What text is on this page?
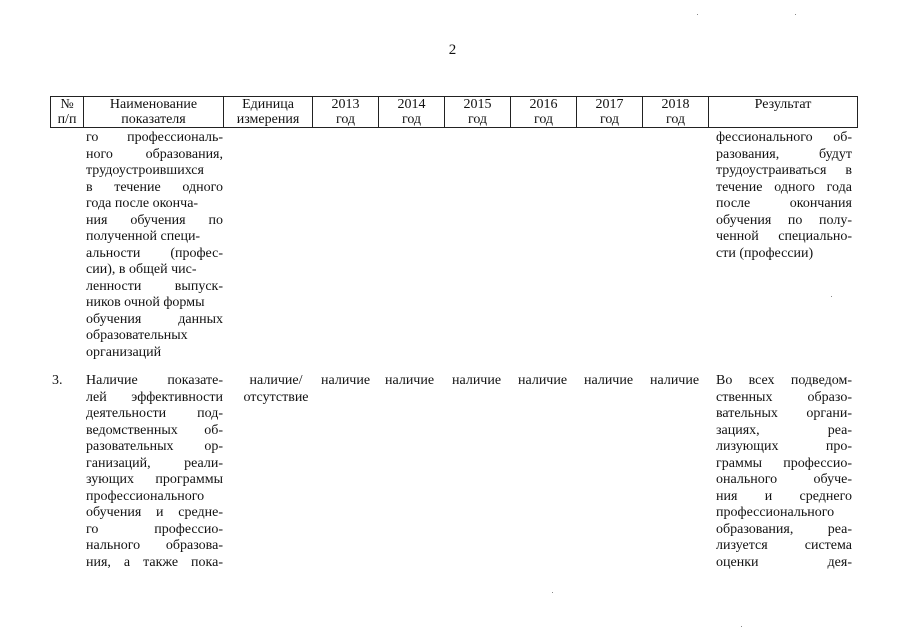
2
№
п/п
Наименование
показателя
Единица
измерения
2013
год
2014
год
2015
год
2016
год
2017
год
2018
год
Результат
го профессиональ-
ного образования,
трудоустроившихся
в течение одного
года после оконча-
ния обучения по
полученной специ-
альности (профес-
сии), в общей чис-
ленности выпуск-
ников очной формы
обучения данных
образовательных
организаций
фессионального об-
разования, будут
трудоустраиваться в
течение одного года
после окончания
обучения по полу-
ченной специально-
сти (профессии)
3. Наличие показате-
лей эффективности
деятельности под-
ведомственных об-
разовательных ор-
ганизаций, реали-
зующих программы
профессионального
обучения и средне-
го профессио-
нального образова-
ния, а также пока-
наличие/
отсутствие
наличие наличие наличие наличие наличие наличие Во всех подведом-
ственных образо-
вательных органи-
зациях, реа-
лизующих про-
граммы профессио-
онального обуче-
ния и среднего
профессионального
образования, реа-
лизуется система
оценки дея-
